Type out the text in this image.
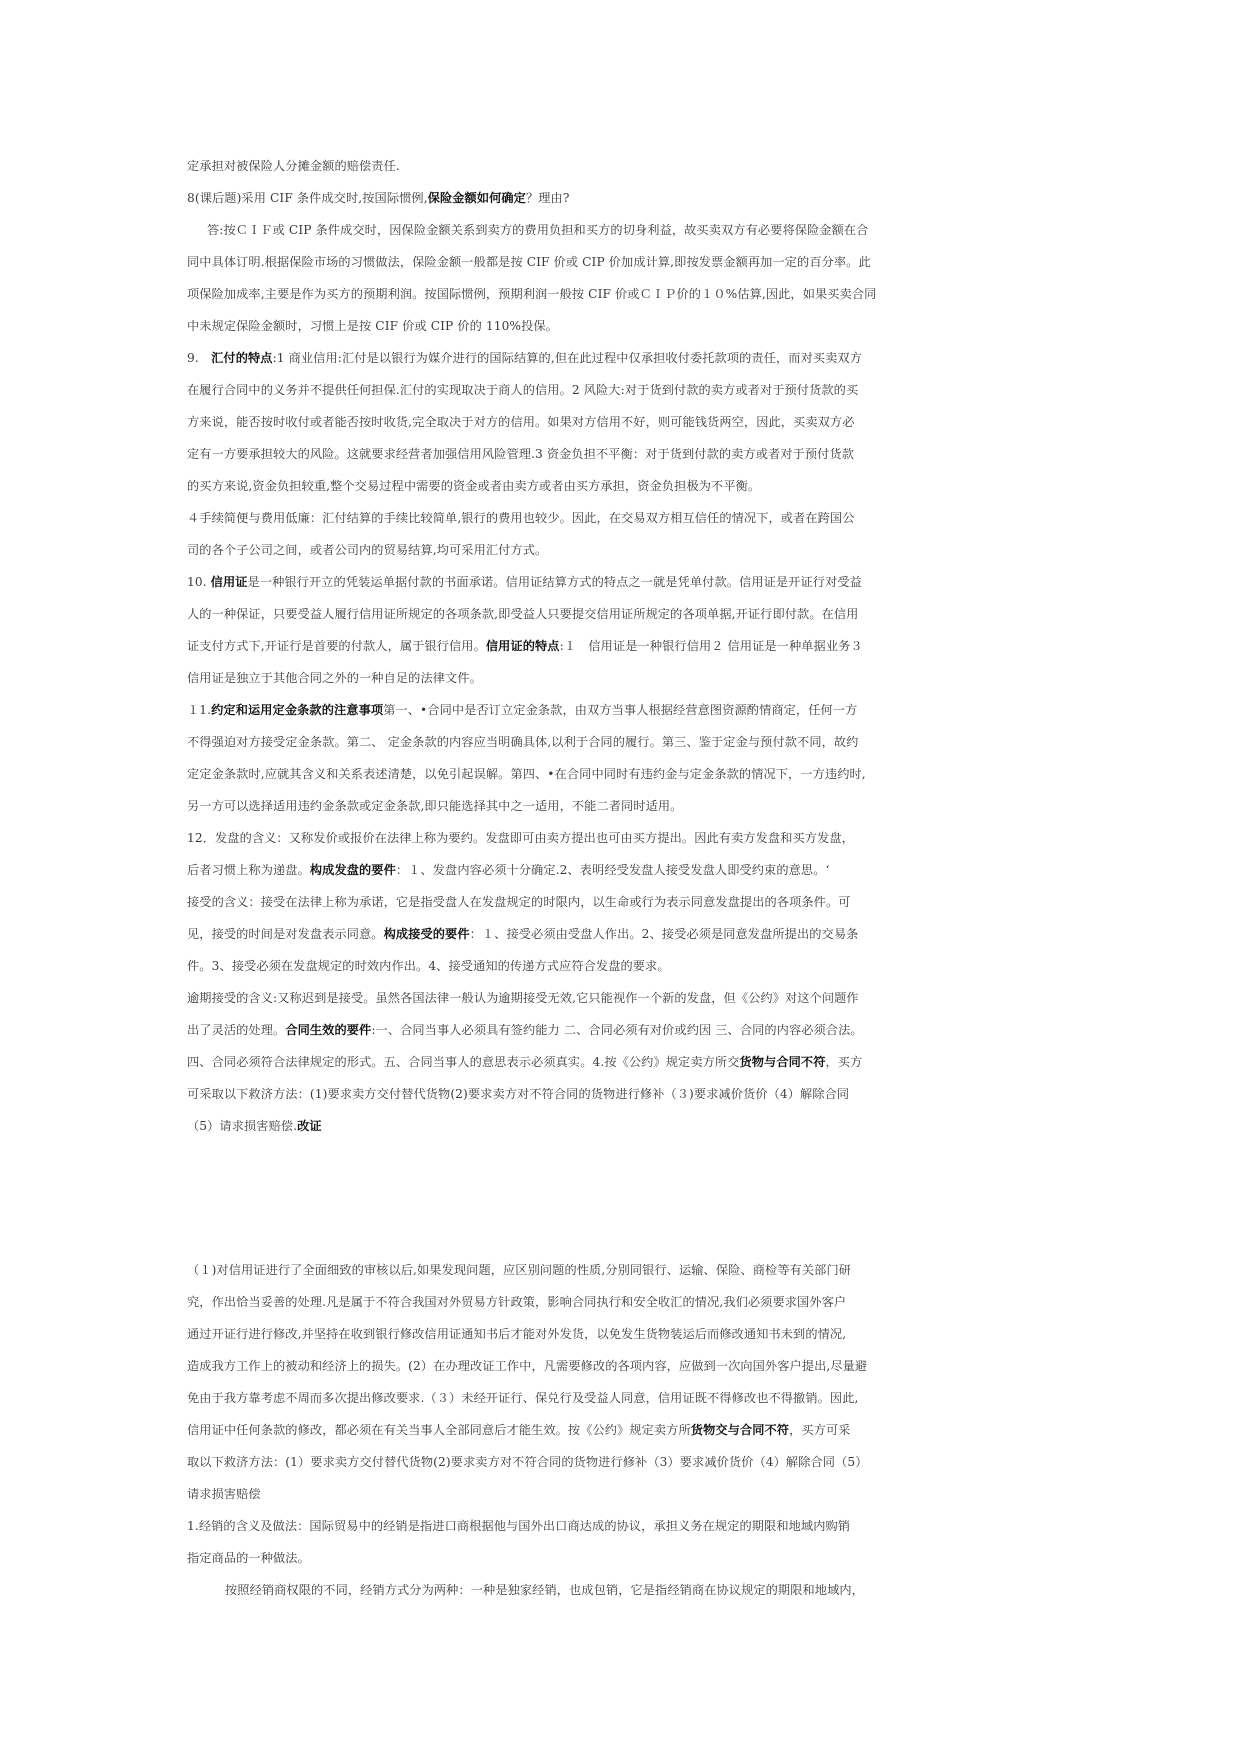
定承担对被保险人分摊金额的赔偿责任.

8(课后题)采用 CIF 条件成交时,按国际惯例,保险金额如何确定？理由?

答:按ＣＩＦ或 CIP 条件成交时，因保险金额关系到卖方的费用负担和买方的切身利益，故买卖双方有必要将保险金额在合
同中具体订明.根据保险市场的习惯做法，保险金额一般都是按 CIF 价或 CIP 价加成计算,即按发票金额再加一定的百分率。此
项保险加成率,主要是作为买方的预期利润。按国际惯例，预期利润一般按 CIF 价或ＣＩＰ价的１０%估算,因此，如果买卖合同
中未规定保险金额时，习惯上是按 CIF 价或 CIP 价的 110%投保。

9.　汇付的特点:1 商业信用:汇付是以银行为媒介进行的国际结算的,但在此过程中仅承担收付委托款项的责任，而对买卖双方
在履行合同中的义务并不提供任何担保.汇付的实现取决于商人的信用。2 风险大:对于货到付款的卖方或者对于预付货款的买
方来说，能否按时收付或者能否按时收货,完全取决于对方的信用。如果对方信用不好，则可能钱货两空，因此，买卖双方必
定有一方要承担较大的风险。这就要求经营者加强信用风险管理.3 资金负担不平衡：对于货到付款的卖方或者对于预付货款
的买方来说,资金负担较重,整个交易过程中需要的资金或者由卖方或者由买方承担，资金负担极为不平衡。
４手续简便与费用低廉：汇付结算的手续比较简单,银行的费用也较少。因此，在交易双方相互信任的情况下，或者在跨国公
司的各个子公司之间，或者公司内的贸易结算,均可采用汇付方式。

10. 信用证是一种银行开立的凭装运单据付款的书面承诺。信用证结算方式的特点之一就是凭单付款。信用证是开证行对受益
人的一种保证，只要受益人履行信用证所规定的各项条款,即受益人只要提交信用证所规定的各项单据,开证行即付款。在信用
证支付方式下,开证行是首要的付款人，属于银行信用。信用证的特点:１　信用证是一种银行信用２ 信用证是一种单据业务３
信用证是独立于其他合同之外的一种自足的法律文件。

１1.约定和运用定金条款的注意事项第一、•合同中是否订立定金条款，由双方当事人根据经营意图资源酌情商定，任何一方
不得强迫对方接受定金条款。第二、 定金条款的内容应当明确具体,以利于合同的履行。第三、鉴于定金与预付款不同，故约
定定金条款时,应就其含义和关系表述清楚，以免引起误解。第四、•在合同中同时有违约金与定金条款的情况下，一方违约时,
另一方可以选择适用违约金条款或定金条款,即只能选择其中之一适用，不能二者同时适用。

12．发盘的含义：又称发价或报价在法律上称为要约。发盘即可由卖方提出也可由买方提出。因此有卖方发盘和买方发盘，
后者习惯上称为递盘。构成发盘的要件：１、发盘内容必须十分确定.2、表明经受发盘人接受发盘人即受约束的意思。‘
接受的含义：接受在法律上称为承诺，它是指受盘人在发盘规定的时限内，以生命或行为表示同意发盘提出的各项条件。可
见，接受的时间是对发盘表示同意。构成接受的要件：１、接受必须由受盘人作出。2、接受必须是同意发盘所提出的交易条
件。3、接受必须在发盘规定的时效内作出。4、接受通知的传递方式应符合发盘的要求。
逾期接受的含义:又称迟到是接受。虽然各国法律一般认为逾期接受无效,它只能视作一个新的发盘，但《公约》对这个问题作
出了灵活的处理。合同生效的要件:一、合同当事人必须具有签约能力 二、合同必须有对价或约因 三、合同的内容必须合法。
四、合同必须符合法律规定的形式。五、合同当事人的意思表示必须真实。4.按《公约》规定卖方所交货物与合同不符，买方
可采取以下救济方法：(1)要求卖方交付替代货物(2)要求卖方对不符合同的货物进行修补（３)要求减价货价（4）解除合同
（5）请求损害赔偿.改证

（１)对信用证进行了全面细致的审核以后,如果发现问题，应区别问题的性质,分别同银行、运输、保险、商检等有关部门研
究，作出恰当妥善的处理.凡是属于不符合我国对外贸易方针政策，影响合同执行和安全收汇的情况,我们必须要求国外客户
通过开证行进行修改,并坚持在收到银行修改信用证通知书后才能对外发货，以免发生货物装运后而修改通知书未到的情况,
造成我方工作上的被动和经济上的损失。(2）在办理改证工作中，凡需要修改的各项内容，应做到一次向国外客户提出,尽量避
免由于我方靠考虑不周而多次提出修改要求.（３）未经开证行、保兑行及受益人同意，信用证既不得修改也不得撤销。因此,
信用证中任何条款的修改，都必须在有关当事人全部同意后才能生效。按《公约》规定卖方所货物交与合同不符，买方可采
取以下救济方法：(1）要求卖方交付替代货物(2)要求卖方对不符合同的货物进行修补（3）要求减价货价（4）解除合同（5）
请求损害赔偿

1.经销的含义及做法：国际贸易中的经销是指进口商根据他与国外出口商达成的协议，承担义务在规定的期限和地域内购销
指定商品的一种做法。
按照经销商权限的不同，经销方式分为两种：一种是独家经销，也成包销，它是指经销商在协议规定的期限和地域内，
